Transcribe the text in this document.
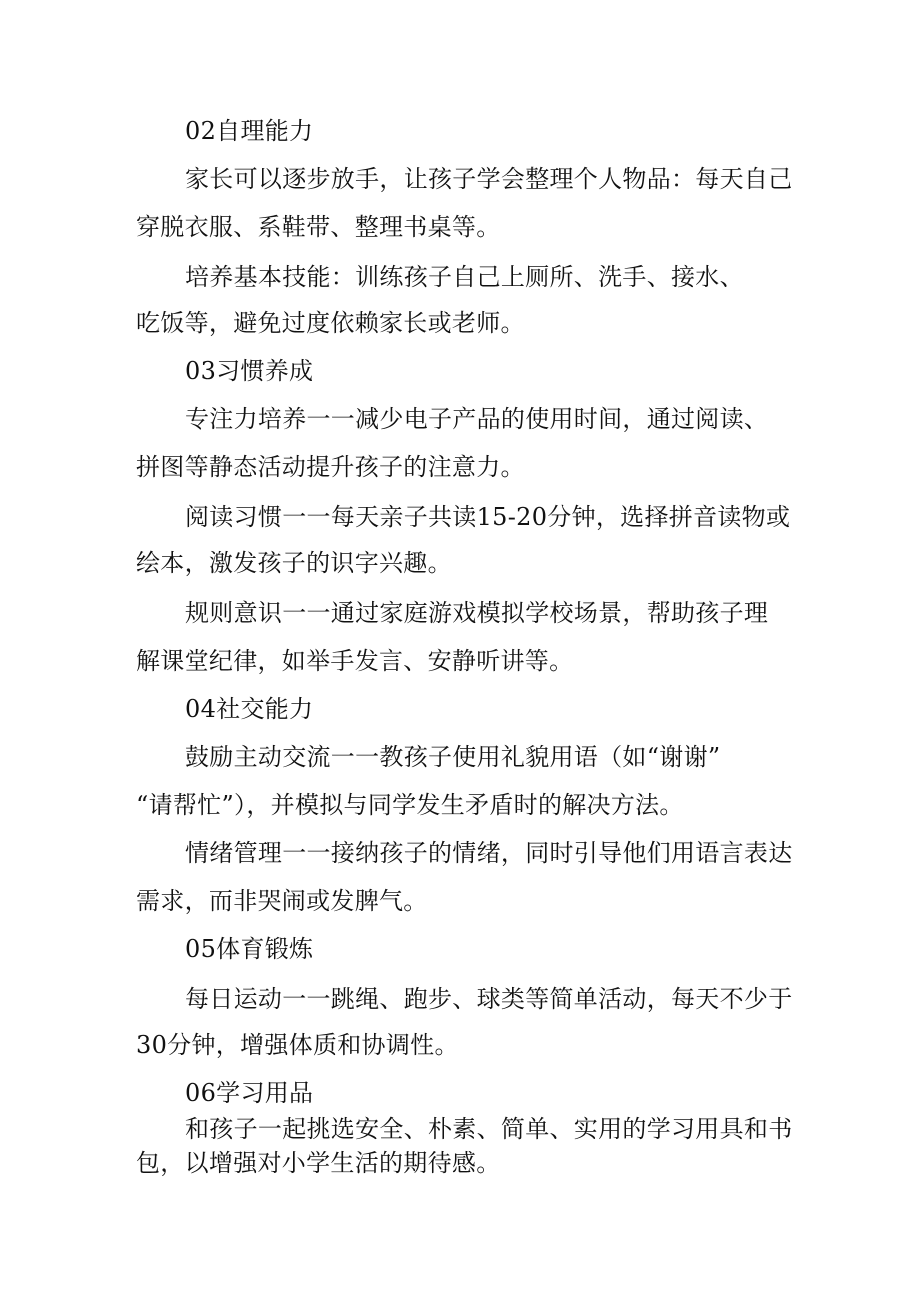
02自理能力
家长可以逐步放手，让孩子学会整理个人物品：每天自己
穿脱衣服、系鞋带、整理书桌等。
培养基本技能：训练孩子自己上厕所、洗手、接水、
吃饭等，避免过度依赖家长或老师。
03习惯养成
专注力培养一一减少电子产品的使用时间，通过阅读、
拼图等静态活动提升孩子的注意力。
阅读习惯一一每天亲子共读15-20分钟，选择拼音读物或
绘本，激发孩子的识字兴趣。
规则意识一一通过家庭游戏模拟学校场景，帮助孩子理
解课堂纪律，如举手发言、安静听讲等。
04社交能力
鼓励主动交流一一教孩子使用礼貌用语（如“谢谢”
“请帮忙”），并模拟与同学发生矛盾时的解决方法。
情绪管理一一接纳孩子的情绪，同时引导他们用语言表达
需求，而非哭闹或发脾气。
05体育锻炼
每日运动一一跳绳、跑步、球类等简单活动，每天不少于
30分钟，增强体质和协调性。
06学习用品
和孩子一起挑选安全、朴素、简单、实用的学习用具和书
包，以增强对小学生活的期待感。
